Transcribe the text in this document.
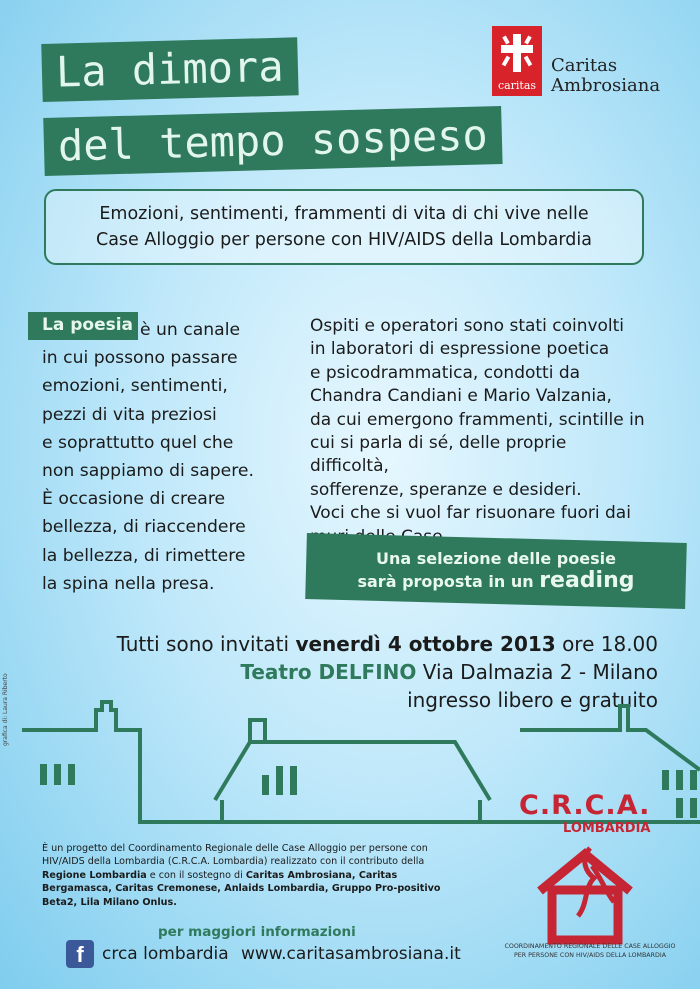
La dimora
del tempo sospeso
caritas
Caritas
Ambrosiana
Emozioni, sentimenti, frammenti di vita di chi vive nelle
Case Alloggio per persone con HIV/AIDS della Lombardia
La poesia è un canale
in cui possono passare
emozioni, sentimenti,
pezzi di vita preziosi
e soprattutto quel che
non sappiamo di sapere.
È occasione di creare
bellezza, di riaccendere
la bellezza, di rimettere
la spina nella presa.
Ospiti e operatori sono stati coinvolti
in laboratori di espressione poetica
e psicodrammatica, condotti da
Chandra Candiani e Mario Valzania,
da cui emergono frammenti, scintille in
cui si parla di sé, delle proprie difficoltà,
sofferenze, speranze e desideri.
Voci che si vuol far risuonare fuori dai
Una selezione delle poesie
sarà proposta in un reading
Tutti sono invitati venerdì 4 ottobre 2013 ore 18.00
Teatro DELFINO Via Dalmazia 2 - Milano
ingresso libero e gratuito
grafica di: Laura Riberto
C.R.C.A.
LOMBARDIA
COORDINAMENTO REGIONALE DELLE CASE ALLOGGIO
PER PERSONE CON HIV/AIDS DELLA LOMBARDIA
È un progetto del Coordinamento Regionale delle Case Alloggio per persone con HIV/AIDS della Lombardia (C.R.C.A. Lombardia) realizzato con il contributo della Regione Lombardia e con il sostegno di Caritas Ambrosiana, Caritas Bergamasca, Caritas Cremonese, Anlaids Lombardia, Gruppo Pro-positivo Beta2, Lila Milano Onlus.
per maggiori informazioni
f	crca lombardia www.caritasambrosiana.it
